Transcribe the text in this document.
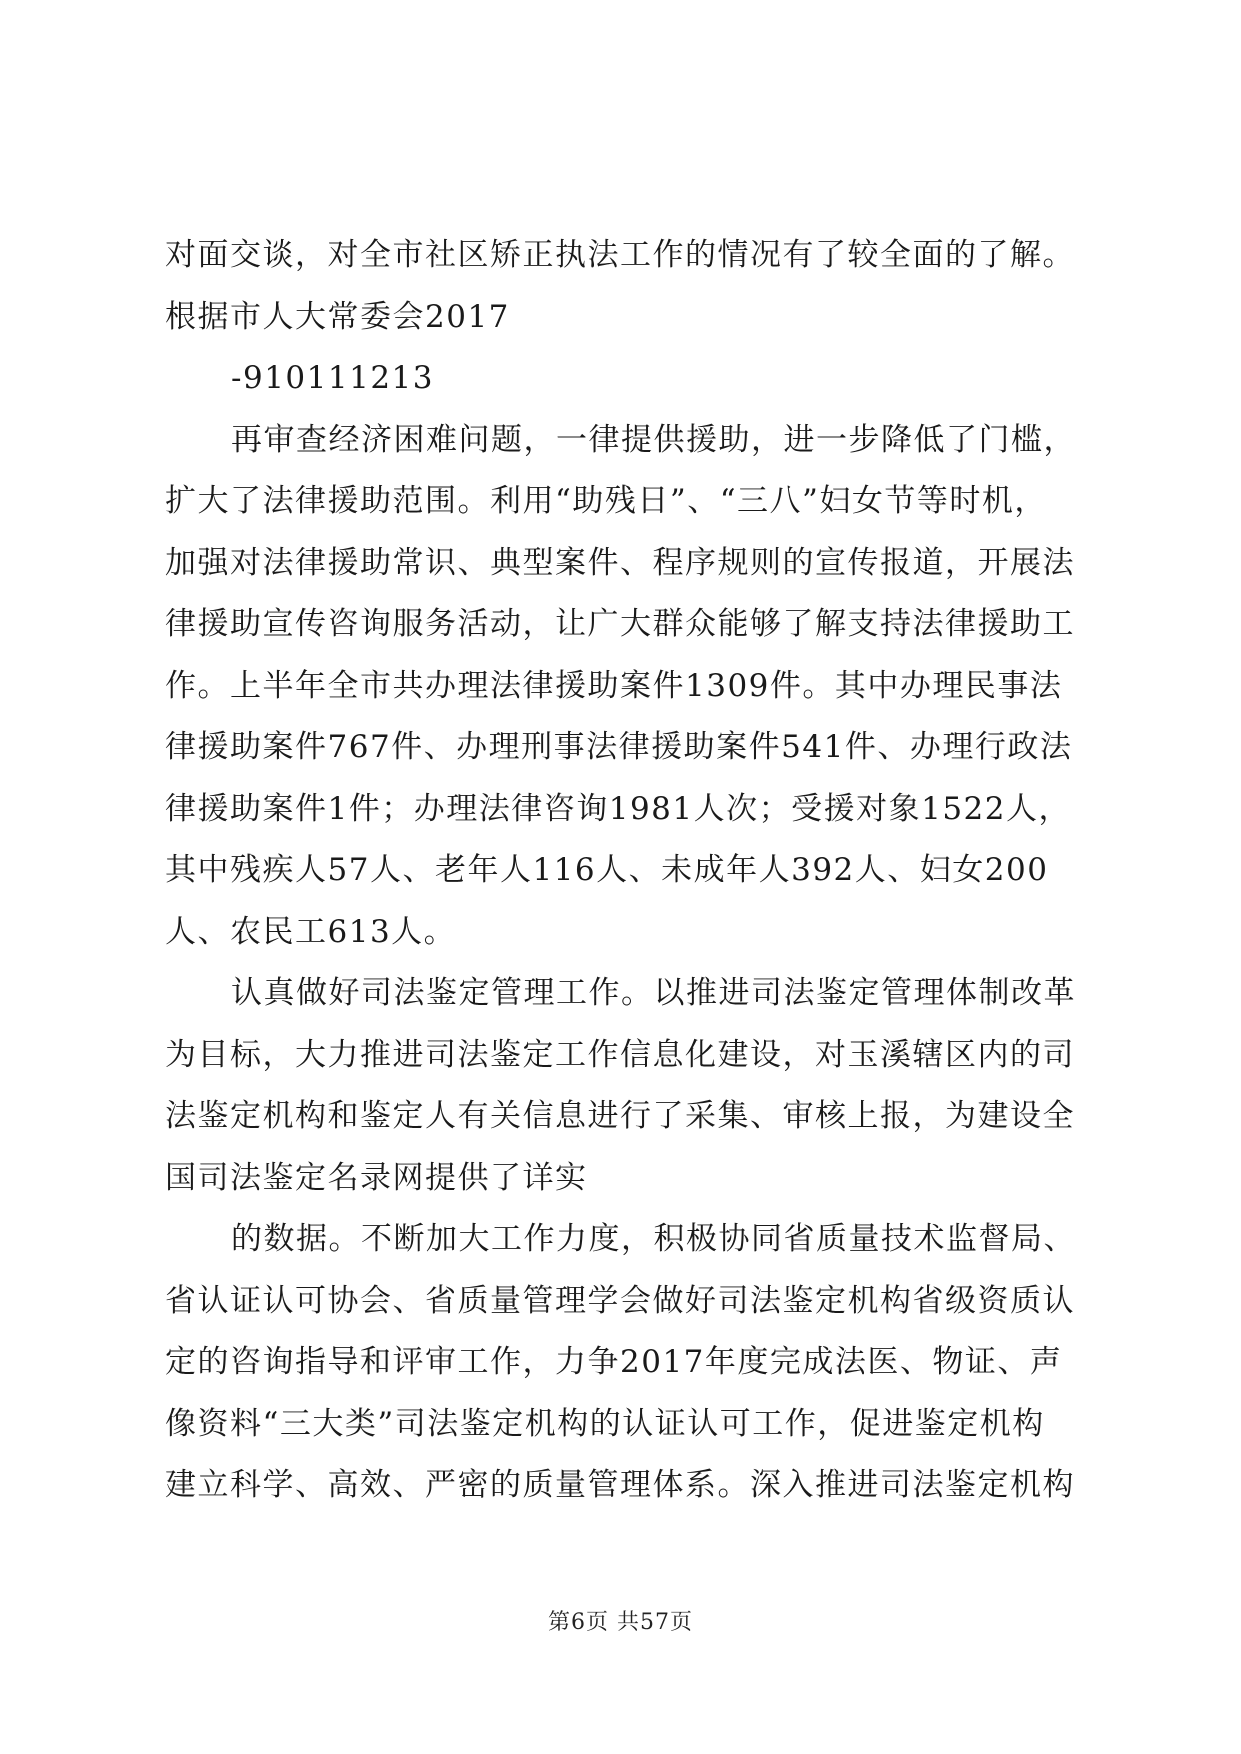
对面交谈，对全市社区矫正执法工作的情况有了较全面的了解。
根据市人大常委会2017
-910111213
再审查经济困难问题，一律提供援助，进一步降低了门槛，
扩大了法律援助范围。利用“助残日”、“三八”妇女节等时机，
加强对法律援助常识、典型案件、程序规则的宣传报道，开展法
律援助宣传咨询服务活动，让广大群众能够了解支持法律援助工
作。上半年全市共办理法律援助案件1309件。其中办理民事法
律援助案件767件、办理刑事法律援助案件541件、办理行政法
律援助案件1件；办理法律咨询1981人次；受援对象1522人，
其中残疾人57人、老年人116人、未成年人392人、妇女200
人、农民工613人。
认真做好司法鉴定管理工作。以推进司法鉴定管理体制改革
为目标，大力推进司法鉴定工作信息化建设，对玉溪辖区内的司
法鉴定机构和鉴定人有关信息进行了采集、审核上报，为建设全
国司法鉴定名录网提供了详实
的数据。不断加大工作力度，积极协同省质量技术监督局、
省认证认可协会、省质量管理学会做好司法鉴定机构省级资质认
定的咨询指导和评审工作，力争2017年度完成法医、物证、声
像资料“三大类”司法鉴定机构的认证认可工作，促进鉴定机构
建立科学、高效、严密的质量管理体系。深入推进司法鉴定机构
第6页 共57页
